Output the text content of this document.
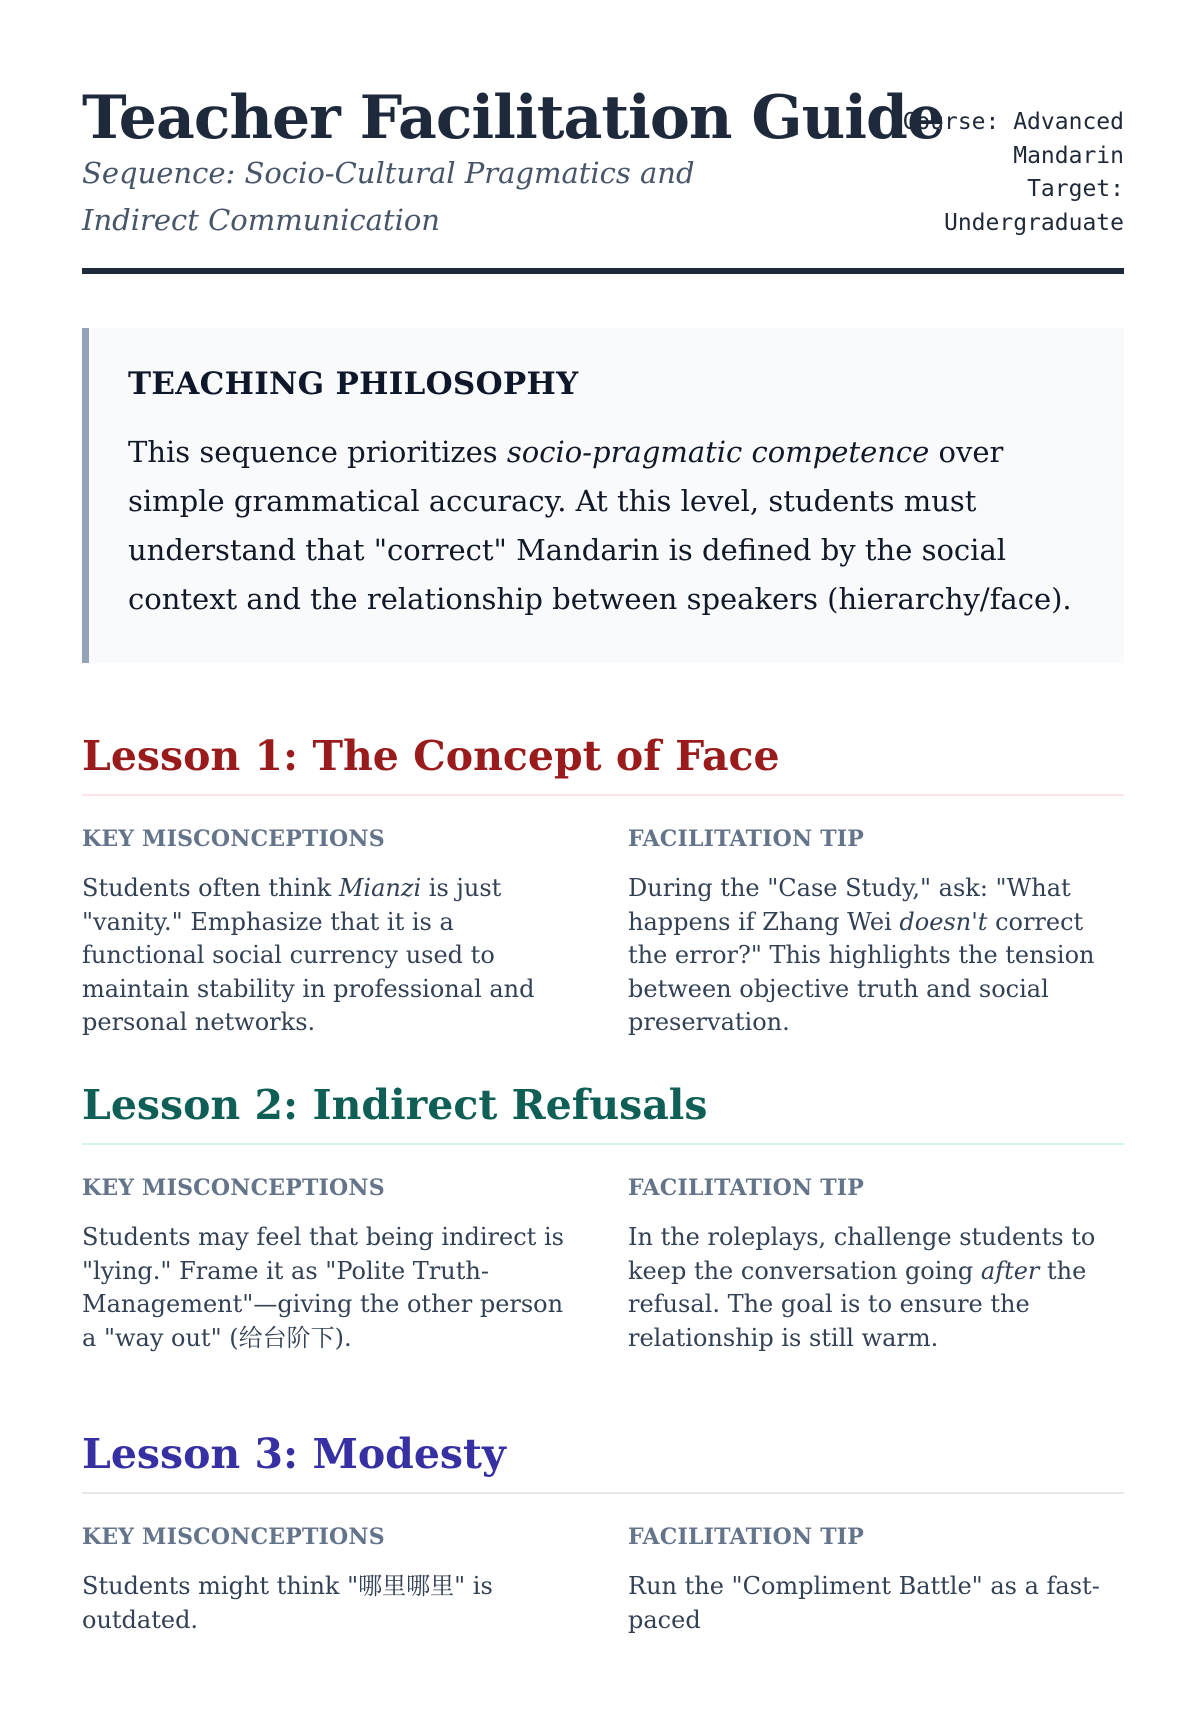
Teacher Facilitation Guide

Sequence: Socio-Cultural Pragmatics and Indirect Communication

Course: Advanced
Mandarin
Target:
Undergraduate
TEACHING PHILOSOPHY

This sequence prioritizes socio-pragmatic competence over simple grammatical accuracy. At this level, students must understand that "correct" Mandarin is defined by the social context and the relationship between speakers (hierarchy/face).

Lesson 1: The Concept of Face

KEY MISCONCEPTIONS

Students often think Mianzi is just "vanity." Emphasize that it is a functional social currency used to maintain stability in professional and personal networks.

FACILITATION TIP

During the "Case Study," ask: "What happens if Zhang Wei doesn't correct the error?" This highlights the tension between objective truth and social preservation.

Lesson 2: Indirect Refusals

KEY MISCONCEPTIONS

Students may feel that being indirect is "lying." Frame it as "Polite Truth-Management"—giving the other person a "way out" (给台阶下).

FACILITATION TIP

In the roleplays, challenge students to keep the conversation going after the refusal. The goal is to ensure the relationship is still warm.

Lesson 3: Modesty

KEY MISCONCEPTIONS

Students might think "哪里哪里" is outdated.

FACILITATION TIP

Run the "Compliment Battle" as a fast-paced
